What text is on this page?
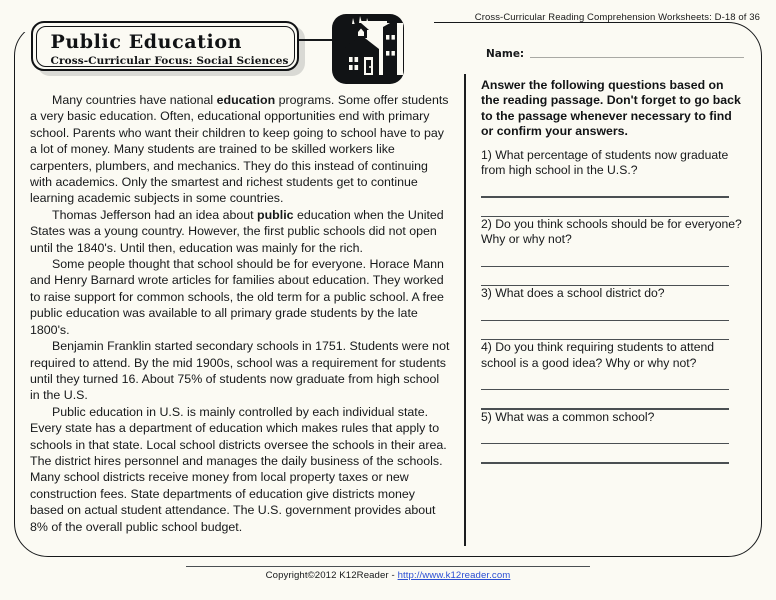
Cross-Curricular Reading Comprehension Worksheets: D-18 of 36
Public Education
Cross-Curricular Focus: Social Sciences

Many countries have national education programs. Some offer students a very basic education. Often, educational opportunities end with primary school. Parents who want their children to keep going to school have to pay a lot of money. Many students are trained to be skilled workers like carpenters, plumbers, and mechanics. They do this instead of continuing with academics. Only the smartest and richest students get to continue learning academic subjects in some countries.

Thomas Jefferson had an idea about public education when the United States was a young country. However, the first public schools did not open until the 1840's. Until then, education was mainly for the rich.

Some people thought that school should be for everyone. Horace Mann and Henry Barnard wrote articles for families about education. They worked to raise support for common schools, the old term for a public school. A free public education was available to all primary grade students by the late 1800's.

Benjamin Franklin started secondary schools in 1751. Students were not required to attend. By the mid 1900s, school was a requirement for students until they turned 16. About 75% of students now graduate from high school in the U.S.

Public education in U.S. is mainly controlled by each individual state. Every state has a department of education which makes rules that apply to schools in that state. Local school districts oversee the schools in their area. The district hires personnel and manages the daily business of the schools. Many school districts receive money from local property taxes or new construction fees. State departments of education give districts money based on actual student attendance. The U.S. government provides about 8% of the overall public school budget.

Name:
Answer the following questions based on the reading passage. Don't forget to go back to the passage whenever necessary to find or confirm your answers.
1) What percentage of students now graduate from high school in the U.S.?
2) Do you think schools should be for everyone? Why or why not?
3) What does a school district do?
4) Do you think requiring students to attend school is a good idea? Why or why not?
5) What was a common school?
Copyright©2012 K12Reader - http://www.k12reader.com
